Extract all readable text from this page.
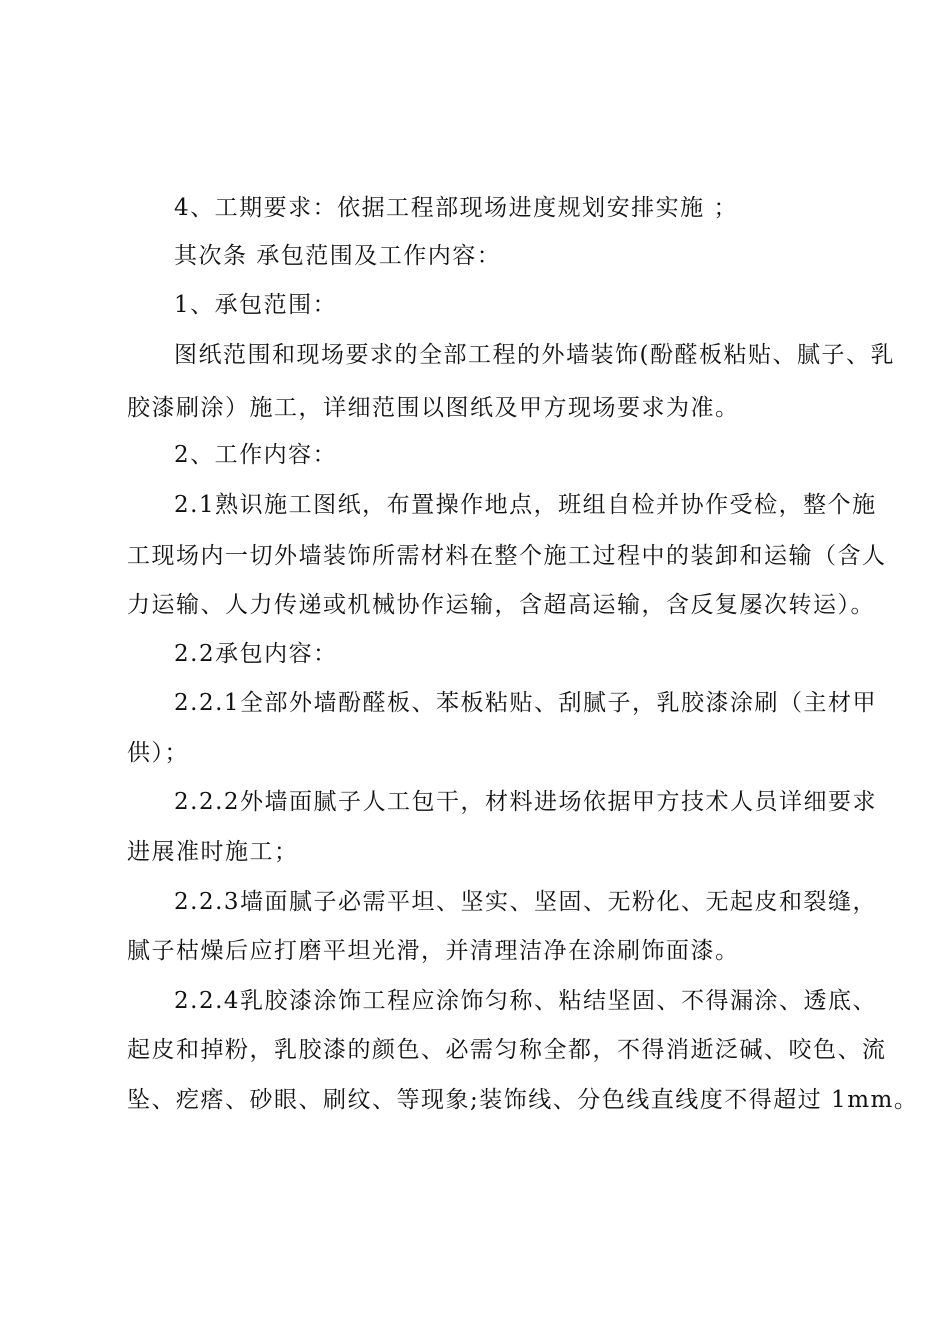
4、工期要求：依据工程部现场进度规划安排实施 ；
其次条 承包范围及工作内容：
1、承包范围：
图纸范围和现场要求的全部工程的外墙装饰(酚醛板粘贴、腻子、乳
胶漆刷涂）施工，详细范围以图纸及甲方现场要求为准。
2、工作内容：
2.1熟识施工图纸，布置操作地点，班组自检并协作受检，整个施
工现场内一切外墙装饰所需材料在整个施工过程中的装卸和运输（含人
力运输、人力传递或机械协作运输，含超高运输，含反复屡次转运）。
2.2承包内容：
2.2.1全部外墙酚醛板、苯板粘贴、刮腻子，乳胶漆涂刷（主材甲
供）；
2.2.2外墙面腻子人工包干，材料进场依据甲方技术人员详细要求
进展准时施工；
2.2.3墙面腻子必需平坦、坚实、坚固、无粉化、无起皮和裂缝，
腻子枯燥后应打磨平坦光滑，并清理洁净在涂刷饰面漆。
2.2.4乳胶漆涂饰工程应涂饰匀称、粘结坚固、不得漏涂、透底、
起皮和掉粉，乳胶漆的颜色、必需匀称全都，不得消逝泛碱、咬色、流
坠、疙瘩、砂眼、刷纹、等现象;装饰线、分色线直线度不得超过 1mm。
